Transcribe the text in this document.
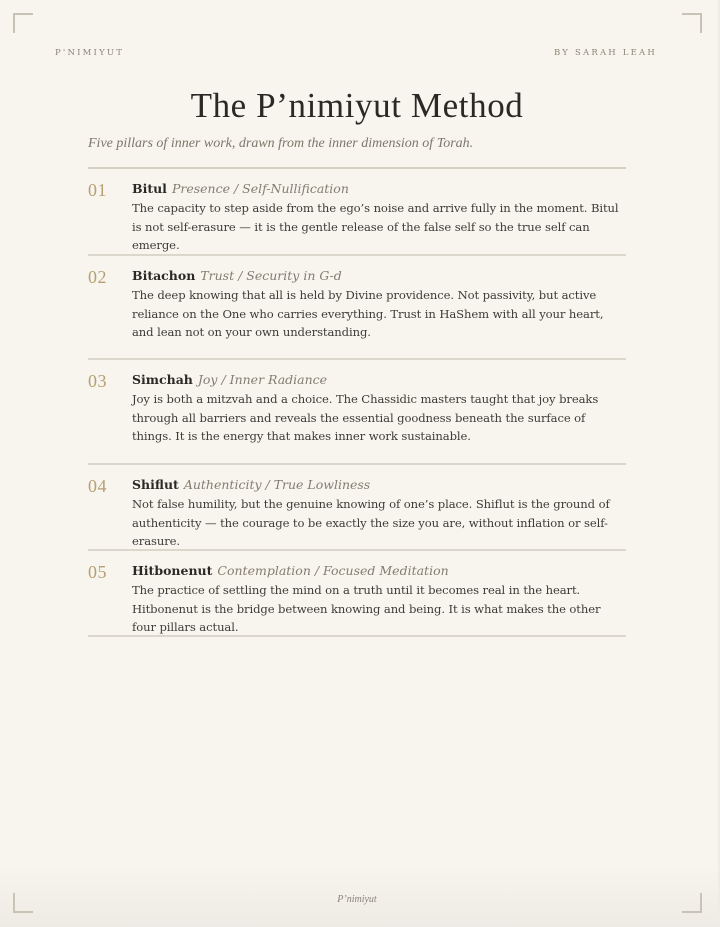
P'NIMIYUT	BY SARAH LEAH
The P’nimiyut Method
Five pillars of inner work, drawn from the inner dimension of Torah.
01 Bitul Presence / Self-Nullification
The capacity to step aside from the ego’s noise and arrive fully in the moment. Bitul is not self-erasure — it is the gentle release of the false self so the true self can emerge.
02 Bitachon Trust / Security in G-d
The deep knowing that all is held by Divine providence. Not passivity, but active reliance on the One who carries everything. Trust in HaShem with all your heart, and lean not on your own understanding.
03 Simchah Joy / Inner Radiance
Joy is both a mitzvah and a choice. The Chassidic masters taught that joy breaks through all barriers and reveals the essential goodness beneath the surface of things. It is the energy that makes inner work sustainable.
04 Shiflut Authenticity / True Lowliness
Not false humility, but the genuine knowing of one’s place. Shiflut is the ground of authenticity — the courage to be exactly the size you are, without inflation or self-erasure.
05 Hitbonenut Contemplation / Focused Meditation
The practice of settling the mind on a truth until it becomes real in the heart. Hitbonenut is the bridge between knowing and being. It is what makes the other four pillars actual.
P’nimiyut
